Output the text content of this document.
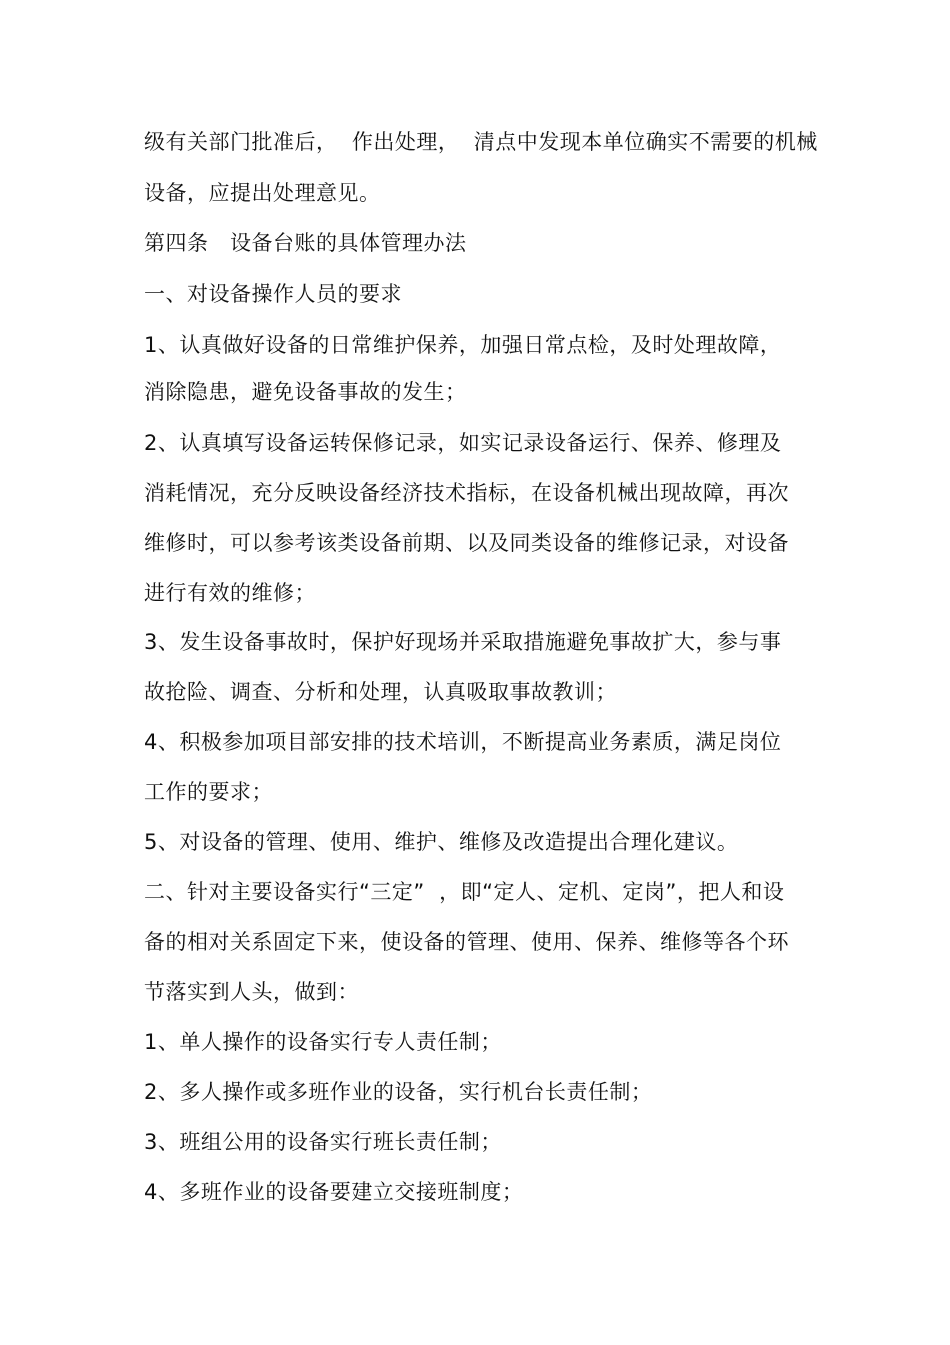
级有关部门批准后，  作出处理，  清点中发现本单位确实不需要的机械
设备，应提出处理意见。
第四条   设备台账的具体管理办法
一、对设备操作人员的要求
1、认真做好设备的日常维护保养，加强日常点检，及时处理故障，
消除隐患，避免设备事故的发生；
2、认真填写设备运转保修记录，如实记录设备运行、保养、修理及
消耗情况，充分反映设备经济技术指标，在设备机械出现故障，再次
维修时，可以参考该类设备前期、以及同类设备的维修记录，对设备
进行有效的维修；
3、发生设备事故时，保护好现场并采取措施避免事故扩大，参与事
故抢险、调查、分析和处理，认真吸取事故教训；
4、积极参加项目部安排的技术培训，不断提高业务素质，满足岗位
工作的要求；
5、对设备的管理、使用、维护、维修及改造提出合理化建议。
二、针对主要设备实行“三定”  ，即“定人、定机、定岗”，把人和设
备的相对关系固定下来，使设备的管理、使用、保养、维修等各个环
节落实到人头，做到：
1、单人操作的设备实行专人责任制；
2、多人操作或多班作业的设备，实行机台长责任制；
3、班组公用的设备实行班长责任制；
4、多班作业的设备要建立交接班制度；
